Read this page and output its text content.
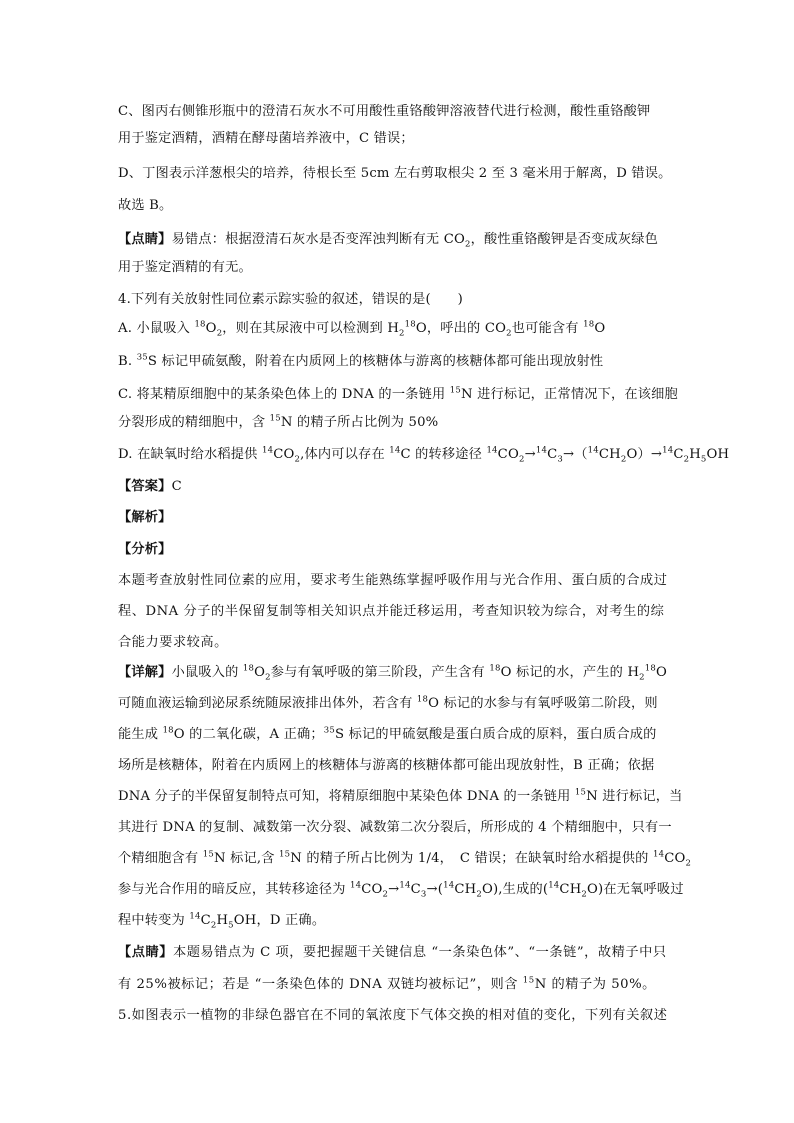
C、图丙右侧锥形瓶中的澄清石灰水不可用酸性重铬酸钾溶液替代进行检测，酸性重铬酸钾
用于鉴定酒精，酒精在酵母菌培养液中，C 错误；
D、丁图表示洋葱根尖的培养，待根长至 5cm 左右剪取根尖 2 至 3 毫米用于解离，D 错误。
故选 B。
【点睛】易错点：根据澄清石灰水是否变浑浊判断有无 $CO_2$，酸性重铬酸钾是否变成灰绿色
用于鉴定酒精的有无。
4.下列有关放射性同位素示踪实验的叙述，错误的是(　　)
A. 小鼠吸入 $^{18}O_2$，则在其尿液中可以检测到 $H_2^{18}O$，呼出的 $CO_2$也可能含有 $^{18}$O
B. $^{35}$S 标记甲硫氨酸，附着在内质网上的核糖体与游离的核糖体都可能出现放射性
C. 将某精原细胞中的某条染色体上的 DNA 的一条链用 $^{15}$N 进行标记，正常情况下，在该细胞
分裂形成的精细胞中，含 $^{15}$N 的精子所占比例为 50%
D. 在缺氧时给水稻提供 $^{14}CO_2$,体内可以存在 $^{14}$C 的转移途径 $^{14}CO_2\to^{14}C_3\to(^{14}CH_2O)\to^{14}C_2H_5OH$
【答案】C
【解析】
【分析】
本题考查放射性同位素的应用，要求考生能熟练掌握呼吸作用与光合作用、蛋白质的合成过
程、DNA 分子的半保留复制等相关知识点并能迁移运用，考查知识较为综合，对考生的综
合能力要求较高。
【详解】小鼠吸入的 $^{18}O_2$参与有氧呼吸的第三阶段，产生含有 $^{18}$O 标记的水，产生的 $H_2^{18}O$
可随血液运输到泌尿系统随尿液排出体外，若含有 $^{18}$O 标记的水参与有氧呼吸第二阶段，则
能生成 $^{18}$O 的二氧化碳，A 正确；$^{35}$S 标记的甲硫氨酸是蛋白质合成的原料，蛋白质合成的
场所是核糖体，附着在内质网上的核糖体与游离的核糖体都可能出现放射性，B 正确；依据
DNA 分子的半保留复制特点可知，将精原细胞中某染色体 DNA 的一条链用 $^{15}$N 进行标记，当
其进行 DNA 的复制、减数第一次分裂、减数第二次分裂后，所形成的 4 个精细胞中，只有一
个精细胞含有 $^{15}$N 标记,含 $^{15}$N 的精子所占比例为 1/4，　C 错误；在缺氧时给水稻提供的 $^{14}CO_2$
参与光合作用的暗反应，其转移途径为 $^{14}CO_2\to^{14}C_3\to(^{14}CH_2O)$,生成的$(^{14}CH_2O)$在无氧呼吸过
程中转变为 $^{14}C_2H_5OH$，D 正确。
【点睛】本题易错点为 C 项，要把握题干关键信息 “一条染色体”、“一条链”，故精子中只
有 25%被标记；若是 “一条染色体的 DNA 双链均被标记”，则含 $^{15}$N 的精子为 50%。
5.如图表示一植物的非绿色器官在不同的氧浓度下气体交换的相对值的变化，下列有关叙述
